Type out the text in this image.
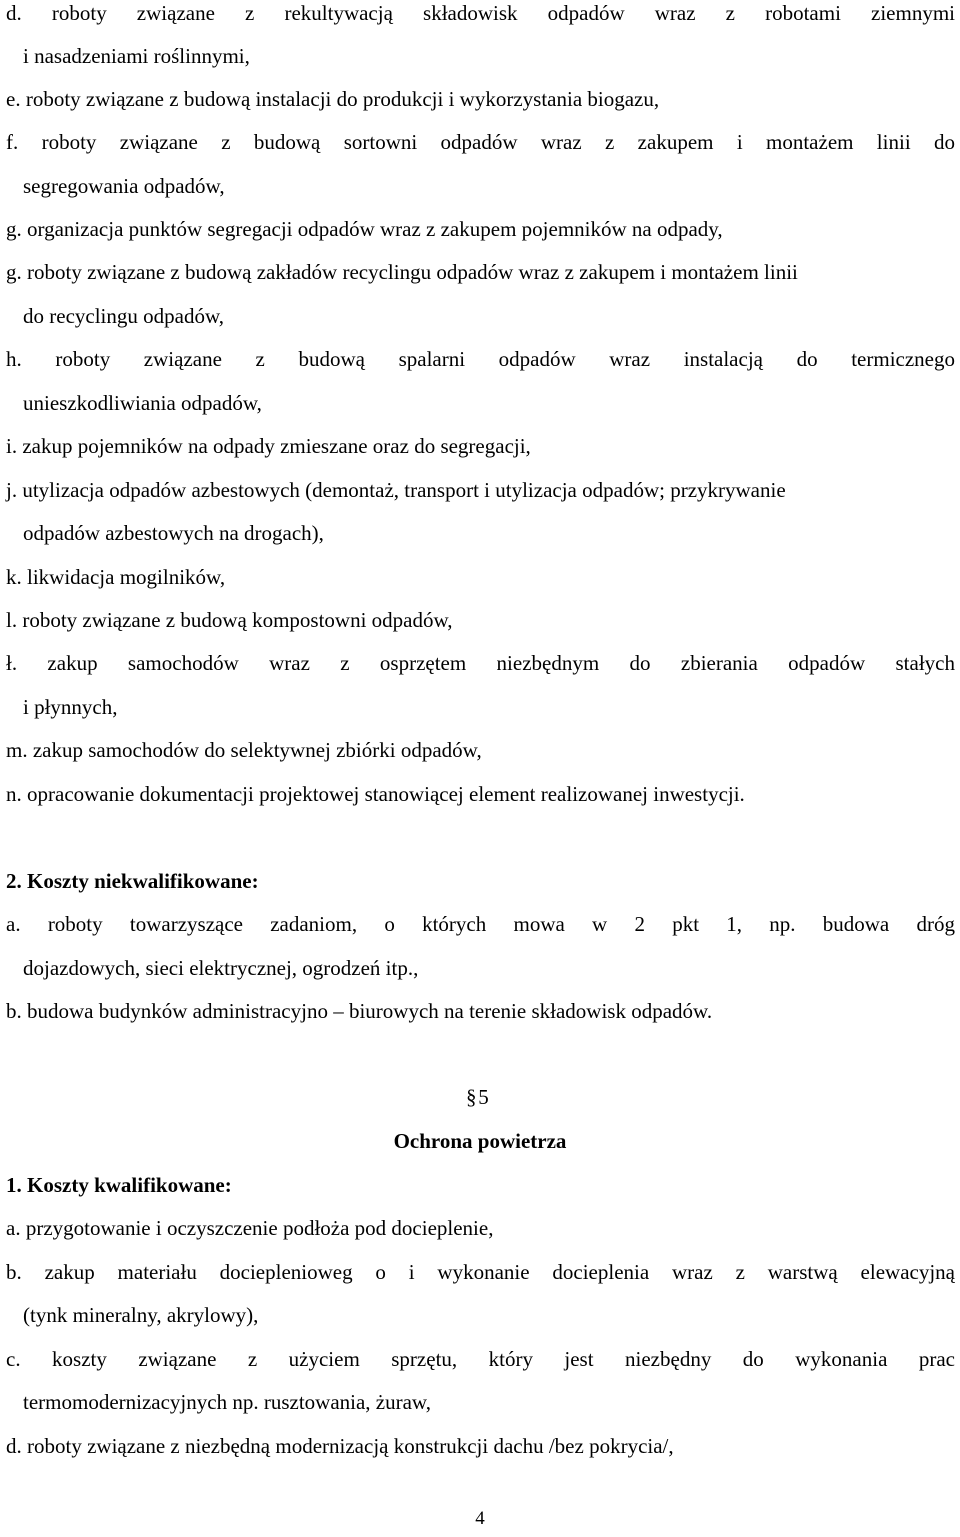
d. roboty związane z rekultywacją składowisk odpadów wraz z robotami ziemnymi
i nasadzeniami roślinnymi,
e. roboty związane z budową instalacji do produkcji i wykorzystania biogazu,
f. roboty związane z budową sortowni odpadów wraz z zakupem i montażem linii do
segregowania odpadów,
g. organizacja punktów segregacji odpadów wraz z zakupem pojemników na odpady,
g. roboty związane z budową zakładów recyclingu odpadów wraz z zakupem i montażem linii
do recyclingu odpadów,
h. roboty związane z budową spalarni odpadów wraz instalacją do termicznego
unieszkodliwiania odpadów,
i. zakup pojemników na odpady zmieszane oraz do segregacji,
j. utylizacja odpadów azbestowych (demontaż, transport i utylizacja odpadów; przykrywanie
odpadów azbestowych na drogach),
k. likwidacja mogilników,
l. roboty związane z budową kompostowni odpadów,
ł. zakup samochodów wraz z osprzętem niezbędnym do zbierania odpadów stałych
i płynnych,
m. zakup samochodów do selektywnej zbiórki odpadów,
n. opracowanie dokumentacji projektowej stanowiącej element realizowanej inwestycji.
2. Koszty niekwalifikowane:
a. roboty towarzyszące zadaniom, o których mowa w 2 pkt 1, np. budowa dróg
dojazdowych, sieci elektrycznej, ogrodzeń itp.,
b. budowa budynków administracyjno – biurowych na terenie składowisk odpadów.
§ 5
Ochrona powietrza
1. Koszty kwalifikowane:
a. przygotowanie i oczyszczenie podłoża pod docieplenie,
b. zakup materiału docieplenioweg o i wykonanie docieplenia wraz z warstwą elewacyjną
(tynk mineralny, akrylowy),
c. koszty związane z użyciem sprzętu, który jest niezbędny do wykonania prac
termomodernizacyjnych np. rusztowania, żuraw,
d. roboty związane z niezbędną modernizacją konstrukcji dachu /bez pokrycia/,
4
